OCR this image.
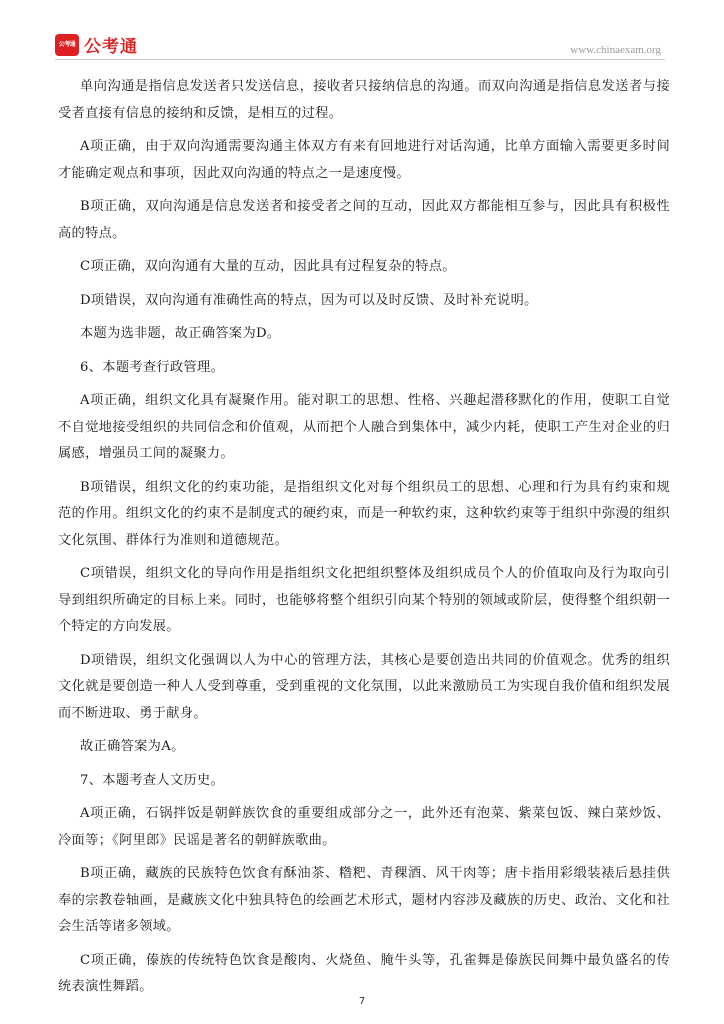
公考通 公考通	www.chinaexam.org

单向沟通是指信息发送者只发送信息，接收者只接纳信息的沟通。而双向沟通是指信息发送者与接受者直接有信息的接纳和反馈，是相互的过程。

A项正确，由于双向沟通需要沟通主体双方有来有回地进行对话沟通，比单方面输入需要更多时间才能确定观点和事项，因此双向沟通的特点之一是速度慢。

B项正确，双向沟通是信息发送者和接受者之间的互动，因此双方都能相互参与，因此具有积极性高的特点。

C项正确，双向沟通有大量的互动，因此具有过程复杂的特点。

D项错误，双向沟通有准确性高的特点，因为可以及时反馈、及时补充说明。

本题为选非题，故正确答案为D。

6、本题考查行政管理。

A项正确，组织文化具有凝聚作用。能对职工的思想、性格、兴趣起潜移默化的作用，使职工自觉不自觉地接受组织的共同信念和价值观，从而把个人融合到集体中，减少内耗，使职工产生对企业的归属感，增强员工间的凝聚力。

B项错误，组织文化的约束功能，是指组织文化对每个组织员工的思想、心理和行为具有约束和规范的作用。组织文化的约束不是制度式的硬约束，而是一种软约束，这种软约束等于组织中弥漫的组织文化氛围、群体行为准则和道德规范。

C项错误，组织文化的导向作用是指组织文化把组织整体及组织成员个人的价值取向及行为取向引导到组织所确定的目标上来。同时，也能够将整个组织引向某个特别的领域或阶层，使得整个组织朝一个特定的方向发展。

D项错误，组织文化强调以人为中心的管理方法，其核心是要创造出共同的价值观念。优秀的组织文化就是要创造一种人人受到尊重，受到重视的文化氛围，以此来激励员工为实现自我价值和组织发展而不断进取、勇于献身。

故正确答案为A。

7、本题考查人文历史。

A项正确，石锅拌饭是朝鲜族饮食的重要组成部分之一，此外还有泡菜、紫菜包饭、辣白菜炒饭、冷面等；《阿里郎》民谣是著名的朝鲜族歌曲。

B项正确，藏族的民族特色饮食有酥油茶、糌粑、青稞酒、风干肉等；唐卡指用彩缎装裱后悬挂供奉的宗教卷轴画，是藏族文化中独具特色的绘画艺术形式，题材内容涉及藏族的历史、政治、文化和社会生活等诸多领域。

C项正确，傣族的传统特色饮食是酸肉、火烧鱼、腌牛头等，孔雀舞是傣族民间舞中最负盛名的传统表演性舞蹈。

7
